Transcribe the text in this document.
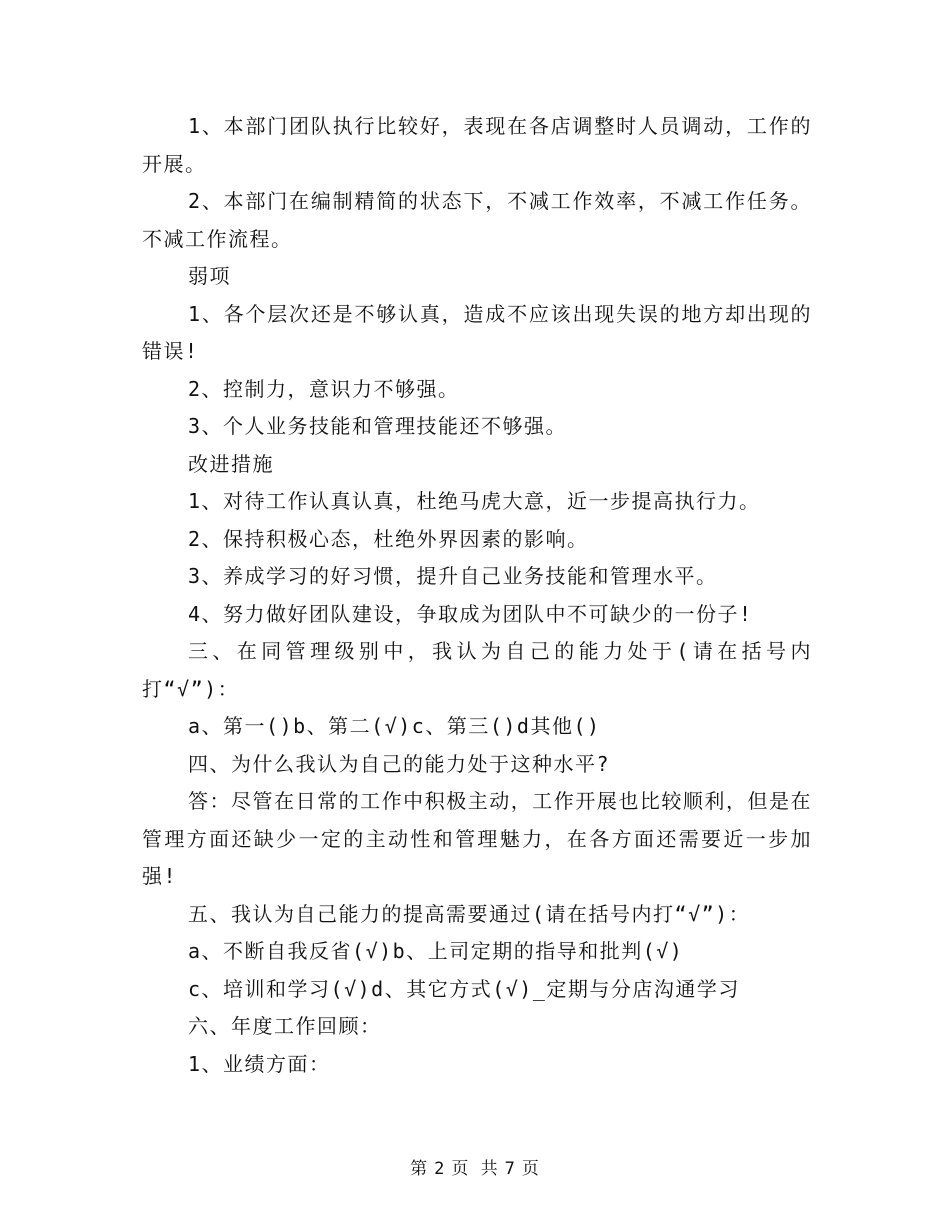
1、本部门团队执行比较好，表现在各店调整时人员调动，工作的开展。

2、本部门在编制精简的状态下，不减工作效率，不减工作任务。不减工作流程。

弱项

1、各个层次还是不够认真，造成不应该出现失误的地方却出现的错误!

2、控制力，意识力不够强。

3、个人业务技能和管理技能还不够强。

改进措施

1、对待工作认真认真，杜绝马虎大意，近一步提高执行力。

2、保持积极心态，杜绝外界因素的影响。

3、养成学习的好习惯，提升自己业务技能和管理水平。

4、努力做好团队建设，争取成为团队中不可缺少的一份子!

三、在同管理级别中，我认为自己的能力处于(请在括号内打“√”)：

a、第一()b、第二(√)c、第三()d其他()

四、为什么我认为自己的能力处于这种水平?

答：尽管在日常的工作中积极主动，工作开展也比较顺利，但是在管理方面还缺少一定的主动性和管理魅力，在各方面还需要近一步加强!

五、我认为自己能力的提高需要通过(请在括号内打“√”)：

a、不断自我反省(√)b、上司定期的指导和批判(√)

c、培训和学习(√)d、其它方式(√)_定期与分店沟通学习

六、年度工作回顾：

1、业绩方面：

第 2 页 共 7 页
